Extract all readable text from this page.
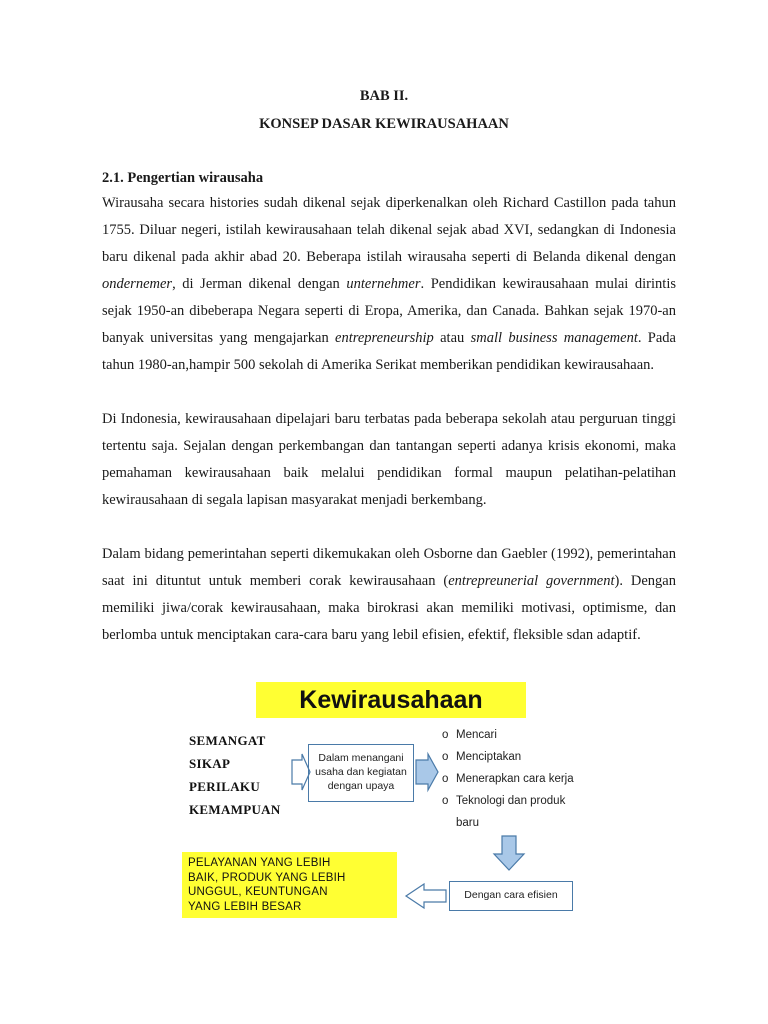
BAB II.
KONSEP DASAR KEWIRAUSAHAAN
2.1. Pengertian wirausaha
Wirausaha secara histories sudah dikenal sejak diperkenalkan oleh Richard Castillon pada tahun 1755. Diluar negeri, istilah kewirausahaan telah dikenal sejak abad XVI, sedangkan di Indonesia baru dikenal pada akhir abad 20. Beberapa istilah wirausaha seperti di Belanda dikenal dengan ondernemer, di Jerman dikenal dengan unternehmer. Pendidikan kewirausahaan mulai dirintis sejak 1950-an dibeberapa Negara seperti di Eropa, Amerika, dan Canada. Bahkan sejak 1970-an banyak universitas yang mengajarkan entrepreneurship atau small business management. Pada tahun 1980-an,hampir 500 sekolah di Amerika Serikat memberikan pendidikan kewirausahaan.
Di Indonesia, kewirausahaan dipelajari baru terbatas pada beberapa sekolah atau perguruan tinggi tertentu saja. Sejalan dengan perkembangan dan tantangan seperti adanya krisis ekonomi, maka pemahaman kewirausahaan baik melalui pendidikan formal maupun pelatihan-pelatihan kewirausahaan di segala lapisan masyarakat menjadi berkembang.
Dalam bidang pemerintahan seperti dikemukakan oleh Osborne dan Gaebler (1992), pemerintahan saat ini dituntut untuk memberi corak kewirausahaan (entrepreunerial government). Dengan memiliki jiwa/corak kewirausahaan, maka birokrasi akan memiliki motivasi, optimisme, dan berlomba untuk menciptakan cara-cara baru yang lebil efisien, efektif, fleksible sdan adaptif.
Kewirausahaan
SEMANGAT
SIKAP
PERILAKU
KEMAMPUAN
Dalam menangani
usaha dan kegiatan
dengan upaya
o Mencari
o Menciptakan
o Menerapkan cara kerja
o Teknologi dan produk
baru
PELAYANAN YANG LEBIH
BAIK, PRODUK YANG LEBIH
UNGGUL, KEUNTUNGAN
YANG LEBIH BESAR
Dengan cara efisien
